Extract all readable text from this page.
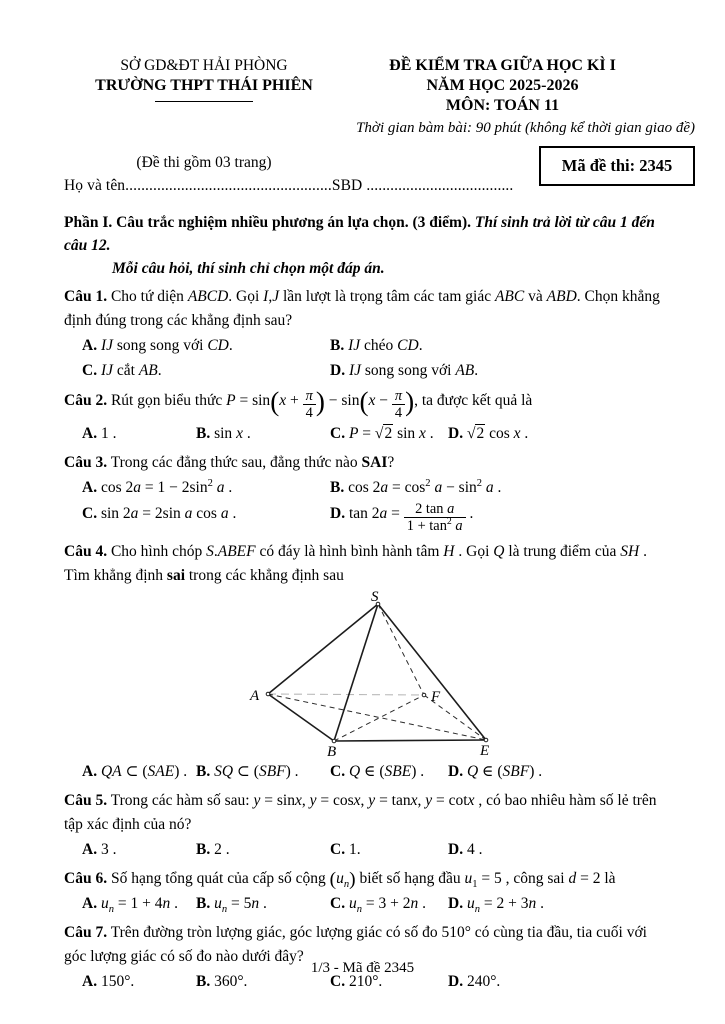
SỞ GD&ĐT HẢI PHÒNG
TRƯỜNG THPT THÁI PHIÊN
ĐỀ KIỂM TRA GIỮA HỌC KÌ I
NĂM HỌC 2025-2026
MÔN: TOÁN 11
Thời gian bàm bài: 90 phút (không kể thời gian giao đề)
(Đề thi gồm 03 trang)
Họ và tên....................................................SBD .....................................
Phần I. Câu trắc nghiệm nhiều phương án lựa chọn. (3 điểm). Thí sinh trả lời từ câu 1 đến câu 12.
Mỗi câu hỏi, thí sinh chỉ chọn một đáp án.

Câu 1. Cho tứ diện ABCD. Gọi I,J lần lượt là trọng tâm các tam giác ABC và ABD. Chọn khẳng định đúng trong các khẳng định sau?

A. IJ song song với CD.	B. IJ chéo CD.
C. IJ cắt AB.	D. IJ song song với AB.

Câu 2. Rút gọn biểu thức $P = \sin(x + \frac{\pi}{4}$ ) − $\sin(x - \frac{\pi}{4}$ ), ta được kết quả là

A. 1 .	B. sin x .	C. P = √2 sin x . D. √2 cos x .

Câu 3. Trong các đẳng thức sau, đẳng thức nào SAI?

A. $\cos 2a = 1 - 2\sin^2$ a .	B. $\cos 2a = \cos^2 a - \sin^2 a$ .
C. sin 2a = 2sin a cos a .	D. $\tan 2a = \frac{\text{2 tan a}}{1 + \tan^2 a}$ .

Câu 4. Cho hình chóp S.ABEF có đáy là hình bình hành tâm H . Gọi Q là trung điểm của SH . Tìm khẳng định sai trong các khẳng định sau

S
A
B	E
F
A. QA ⊂ (SAE) . B. SQ ⊂ (SBF) .	C. Q ∈ (SBE) .	D. Q ∈ (SBF) .

Câu 5. Trong các hàm số sau: y = sinx, y = cosx, y = tanx, y = cotx , có bao nhiêu hàm số lẻ trên tập xác định của nó?

A. 3 .	B. 2 .	C. 1.	D. 4 .

Câu 6. Số hạng tổng quát của cấp số cộng $(u_n)$ biết số hạng đầu $u_1 = 5$ , công sai d = 2 là

A. $u_n = 1 + 4n$ .	B. $u_n = 5n$ .	C. $u_n = 3 + 2n$ .	D. $u_n = 2 + 3n$ .

Câu 7. Trên đường tròn lượng giác, góc lượng giác có số đo 510° có cùng tia đầu, tia cuối với góc lượng giác có số đo nào dưới đây?

A. 150°.	B. 360°.	C. 210°.	D. 240°.
Mã đề thi: 2345
1/3 - Mã đề 2345
